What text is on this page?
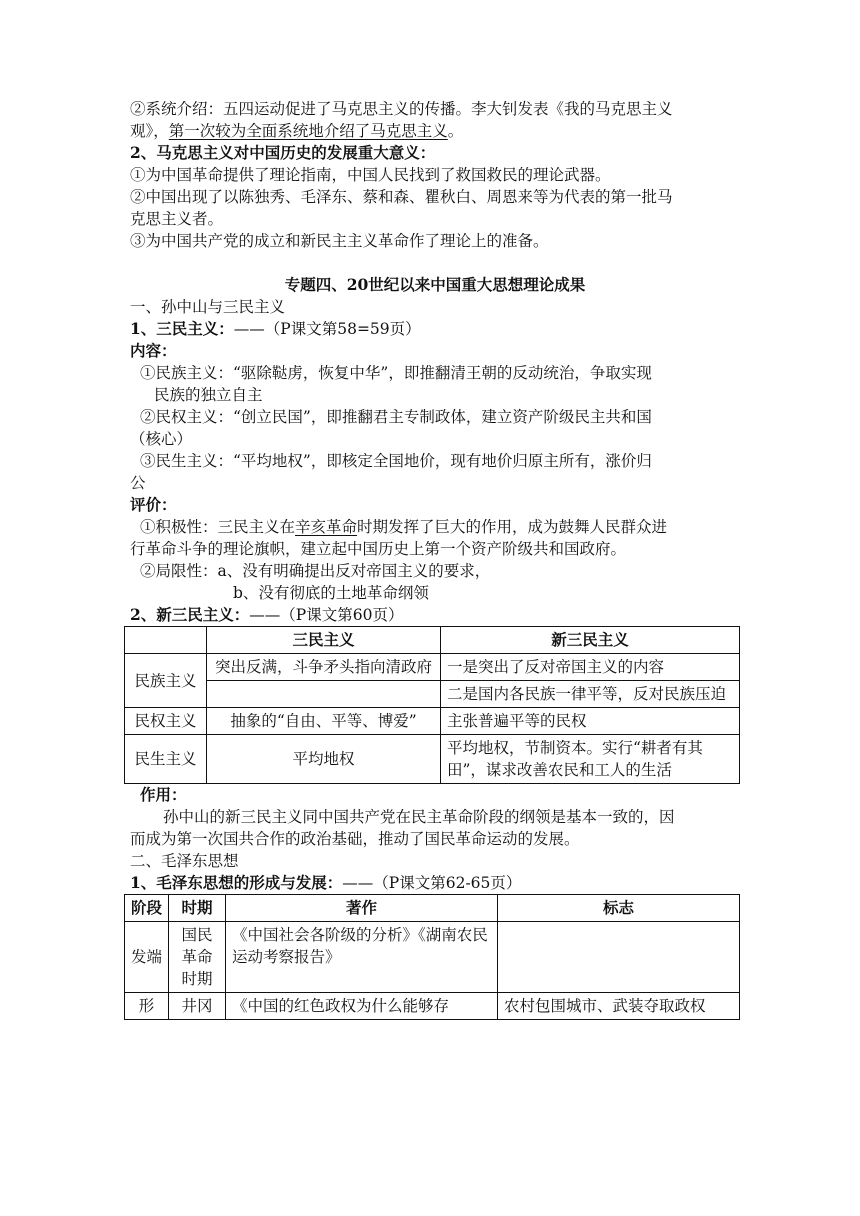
②系统介绍：五四运动促进了马克思主义的传播。李大钊发表《我的马克思主义
观》，第一次较为全面系统地介绍了马克思主义。
2、马克思主义对中国历史的发展重大意义：
①为中国革命提供了理论指南，中国人民找到了救国救民的理论武器。
②中国出现了以陈独秀、毛泽东、蔡和森、瞿秋白、周恩来等为代表的第一批马
克思主义者。
③为中国共产党的成立和新民主主义革命作了理论上的准备。
专题四、20世纪以来中国重大思想理论成果
一、孙中山与三民主义
1、三民主义：——（P课文第58=59页）
内容：
①民族主义：“驱除鞑虏，恢复中华”，即推翻清王朝的反动统治，争取实现
民族的独立自主
②民权主义：“创立民国”，即推翻君主专制政体，建立资产阶级民主共和国
（核心）
③民生主义：“平均地权”，即核定全国地价，现有地价归原主所有，涨价归
公
评价：
①积极性：三民主义在辛亥革命时期发挥了巨大的作用，成为鼓舞人民群众进
行革命斗争的理论旗帜，建立起中国历史上第一个资产阶级共和国政府。
②局限性：a、没有明确提出反对帝国主义的要求，
b、没有彻底的土地革命纲领
2、新三民主义：——（P课文第60页）
	三民主义	新三民主义
民族主义	突出反满，斗争矛头指向清政府	一是突出了反对帝国主义的内容
		二是国内各民族一律平等，反对民族压迫
民权主义	抽象的“自由、平等、博爱”	主张普遍平等的民权
民生主义	平均地权	平均地权，节制资本。实行“耕者有其田”，谋求改善农民和工人的生活
作用：
孙中山的新三民主义同中国共产党在民主革命阶段的纲领是基本一致的，因
而成为第一次国共合作的政治基础，推动了国民革命运动的发展。
二、毛泽东思想
1、毛泽东思想的形成与发展：——（P课文第62-65页）
阶段	时期	著作	标志
发端	国民革命时期	《中国社会各阶级的分析》《湖南农民运动考察报告》	
形	井冈	《中国的红色政权为什么能够存	农村包围城市、武装夺取政权
